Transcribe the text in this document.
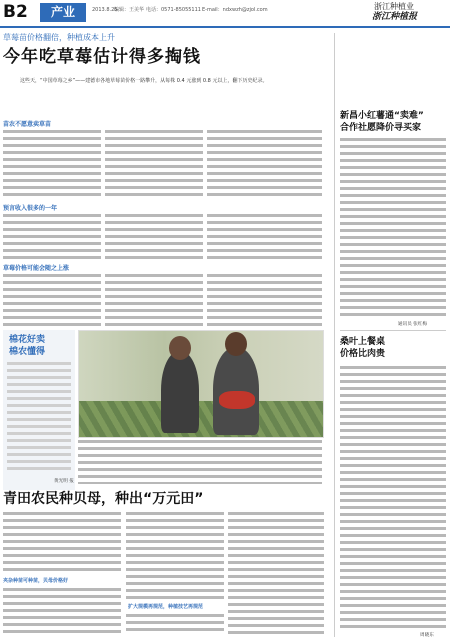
B2	产业	2013.8.25
编辑：王美华 电话：0571-85055111 E-mail：ndxwzh@zjol.com	浙江种植业
浙江种植报
草莓苗价格翻倍，种植成本上升
今年吃草莓估计得多掏钱
这些天，“中国草莓之乡”——建德市各地草莓苗价格一路攀升，从每株 0.4 元涨到 0.8 元以上，翻下历史纪录。
苗农不愿意卖草苗
预言收入很多的一年
草莓价格可能会随之上涨
棉花好卖
棉农懂得
黄光明 报
青田农民种贝母，种出“万元田”
夹杂种苗可种苗，贝母价格好
扩大规模再规范，种植技艺再规范
新昌小红薯通“卖难”
合作社愿降价寻买家
通讯员 张红梅
桑叶上餐桌
价格比肉贵
周晓东
